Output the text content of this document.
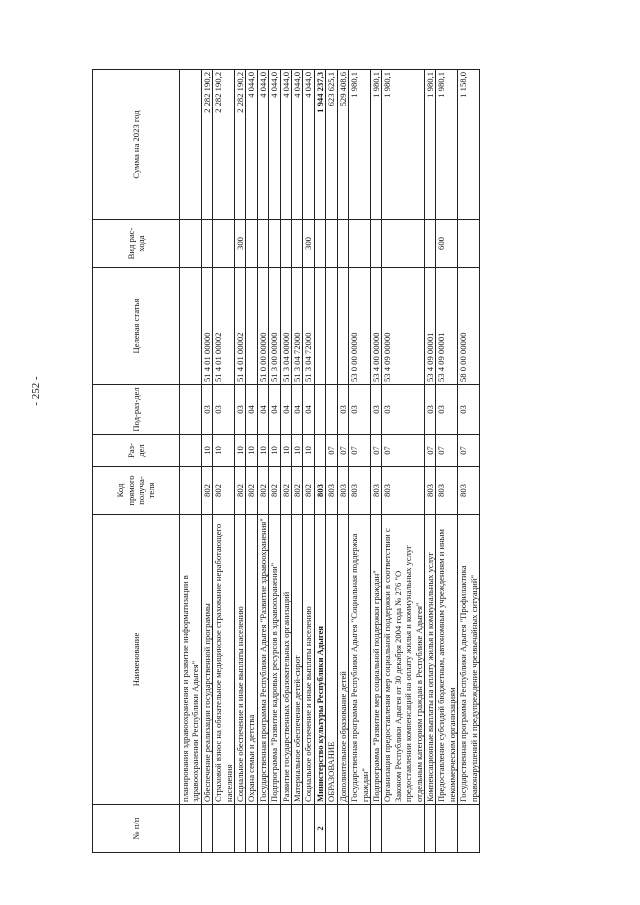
- 252 -
№ п/п	Наименование	Код прямого получа-теля	Раз-дел	Под-раз-дел	Целевая статья	Вид рас-хода	Сумма на 2023 год
	планирования здравоохранения и развитие информатизации в здравоохранении Республики Адыгея"						
	Обеспечение реализации государственной программы	802	10	03	51 4 01 00000		2 282 190,2
	Страховой взнос на обязательное медицинское страхование неработающего населения	802	10	03	51 4 01 00002		2 282 190,2
	Социальное обеспечение и иные выплаты населению	802	10	03	51 4 01 00002	300	2 282 190,2
	Охрана семьи и детства	802	10	04			4 044,0
	Государственная программа Республики Адыгея "Развитие здравоохранения"	802	10	04	51 0 00 00000		4 044,0
	Подпрограмма "Развитие кадровых ресурсов в здравоохранении"	802	10	04	51 3 00 00000		4 044,0
	Развитие государственных образовательных организаций	802	10	04	51 3 04 00000		4 044,0
	Материальное обеспечение детей-сирот	802	10	04	51 3 04 72000		4 044,0
	Социальное обеспечение и иные выплаты населению	802	10	04	51 3 04 72000	300	4 044,0
2	Министерство культуры Республики Адыгея	803					1 944 237,3
	ОБРАЗОВАНИЕ	803	07				623 625,1
	Дополнительное образование детей	803	07	03			529 408,6
	Государственная программа Республики Адыгея "Социальная поддержка граждан"	803	07	03	53 0 00 00000		1 980,1
	Подпрограмма "Развитие мер социальной поддержки граждан"	803	07	03	53 4 00 00000		1 980,1
	Организация предоставления мер социальной поддержки в соответствии с Законом Республики Адыгея от 30 декабря 2004 года № 276 "О предоставлении компенсаций на оплату жилья и коммунальных услуг отдельным категориям граждан в Республике Адыгея"	803	07	03	53 4 09 00000		1 980,1
	Компенсационные выплаты на оплату жилья и коммунальных услуг	803	07	03	53 4 09 00001		1 980,1
	Предоставление субсидий бюджетным, автономным учреждениям и иным некоммерческим организациям	803	07	03	53 4 09 00001	600	1 980,1
	Государственная программа Республики Адыгея "Профилактика правонарушений и предупреждение чрезвычайных ситуаций"	803	07	03	58 0 00 00000		1 158,0
